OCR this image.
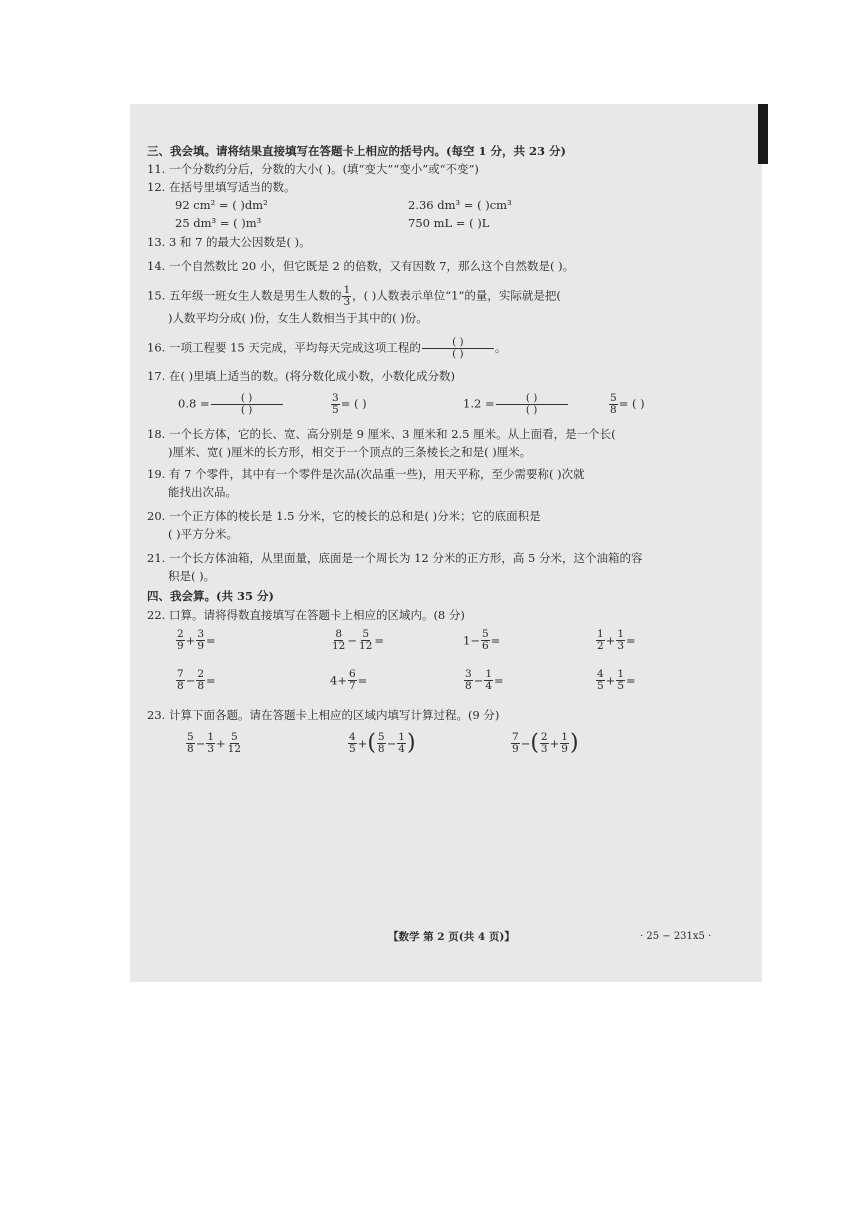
三、我会填。请将结果直接填写在答题卡上相应的括号内。(每空 1 分，共 23 分)
11. 一个分数约分后，分数的大小( )。(填“变大”“变小”或“不变”)
12. 在括号里填写适当的数。
92 cm² = ( )dm²	2.36 dm³ = ( )cm³
25 dm³ = ( )m³	750 mL = ( )L
13. 3 和 7 的最大公因数是( )。
14. 一个自然数比 20 小，但它既是 2 的倍数，又有因数 7，那么这个自然数是( )。
15. 五年级一班女生人数是男生人数的 $\frac{1}{3}$ ，( )人数表示单位“1”的量，实际就是把(
)人数平均分成( )份，女生人数相当于其中的( )份。
16. 一项工程要 15 天完成，平均每天完成这项工程的 $\frac{( )}{( )}$ 。
17. 在( )里填上适当的数。(将分数化成小数，小数化成分数)
$0.8 = \frac{( )}{( )}$	$\frac{3}{5}$ = ( )	$1.2 = \frac{( )}{( )}$	$\frac{5}{8}$ = ( )
18. 一个长方体，它的长、宽、高分别是 9 厘米、3 厘米和 2.5 厘米。从上面看，是一个长(
)厘米、宽( )厘米的长方形，相交于一个顶点的三条棱长之和是( )厘米。
19. 有 7 个零件，其中有一个零件是次品(次品重一些)，用天平称，至少需要称( )次就
能找出次品。
20. 一个正方体的棱长是 1.5 分米，它的棱长的总和是( )分米；它的底面积是
( )平方分米。
21. 一个长方体油箱，从里面量，底面是一个周长为 12 分米的正方形，高 5 分米，这个油箱的容
积是( )。
四、我会算。(共 35 分)
22. 口算。请将得数直接填写在答题卡上相应的区域内。(8 分)
$\frac{2}{9} + \frac{3}{9}$ =	$\frac{8}{12} - \frac{5}{12}$ =	$1- \frac{5}{6}$ =	$\frac{1}{2} + \frac{1}{3}$ =
$\frac{7}{8} - \frac{2}{8}$ =	$4+ \frac{6}{7}$ =	$\frac{3}{8} - \frac{1}{4}$ =	$\frac{4}{5} + \frac{1}{5}$ =
23. 计算下面各题。请在答题卡上相应的区域内填写计算过程。(9 分)
$\frac{5}{8} - \frac{1}{3} + \frac{5}{12}$	$\frac{4}{5}$ +( $\frac{5}{8} - \frac{1}{4}$ )	$\frac{7}{9}$ −( $\frac{2}{3} + \frac{1}{9}$ )
【数学 第 2 页(共 4 页)】	· 25 − 231x5 ·
